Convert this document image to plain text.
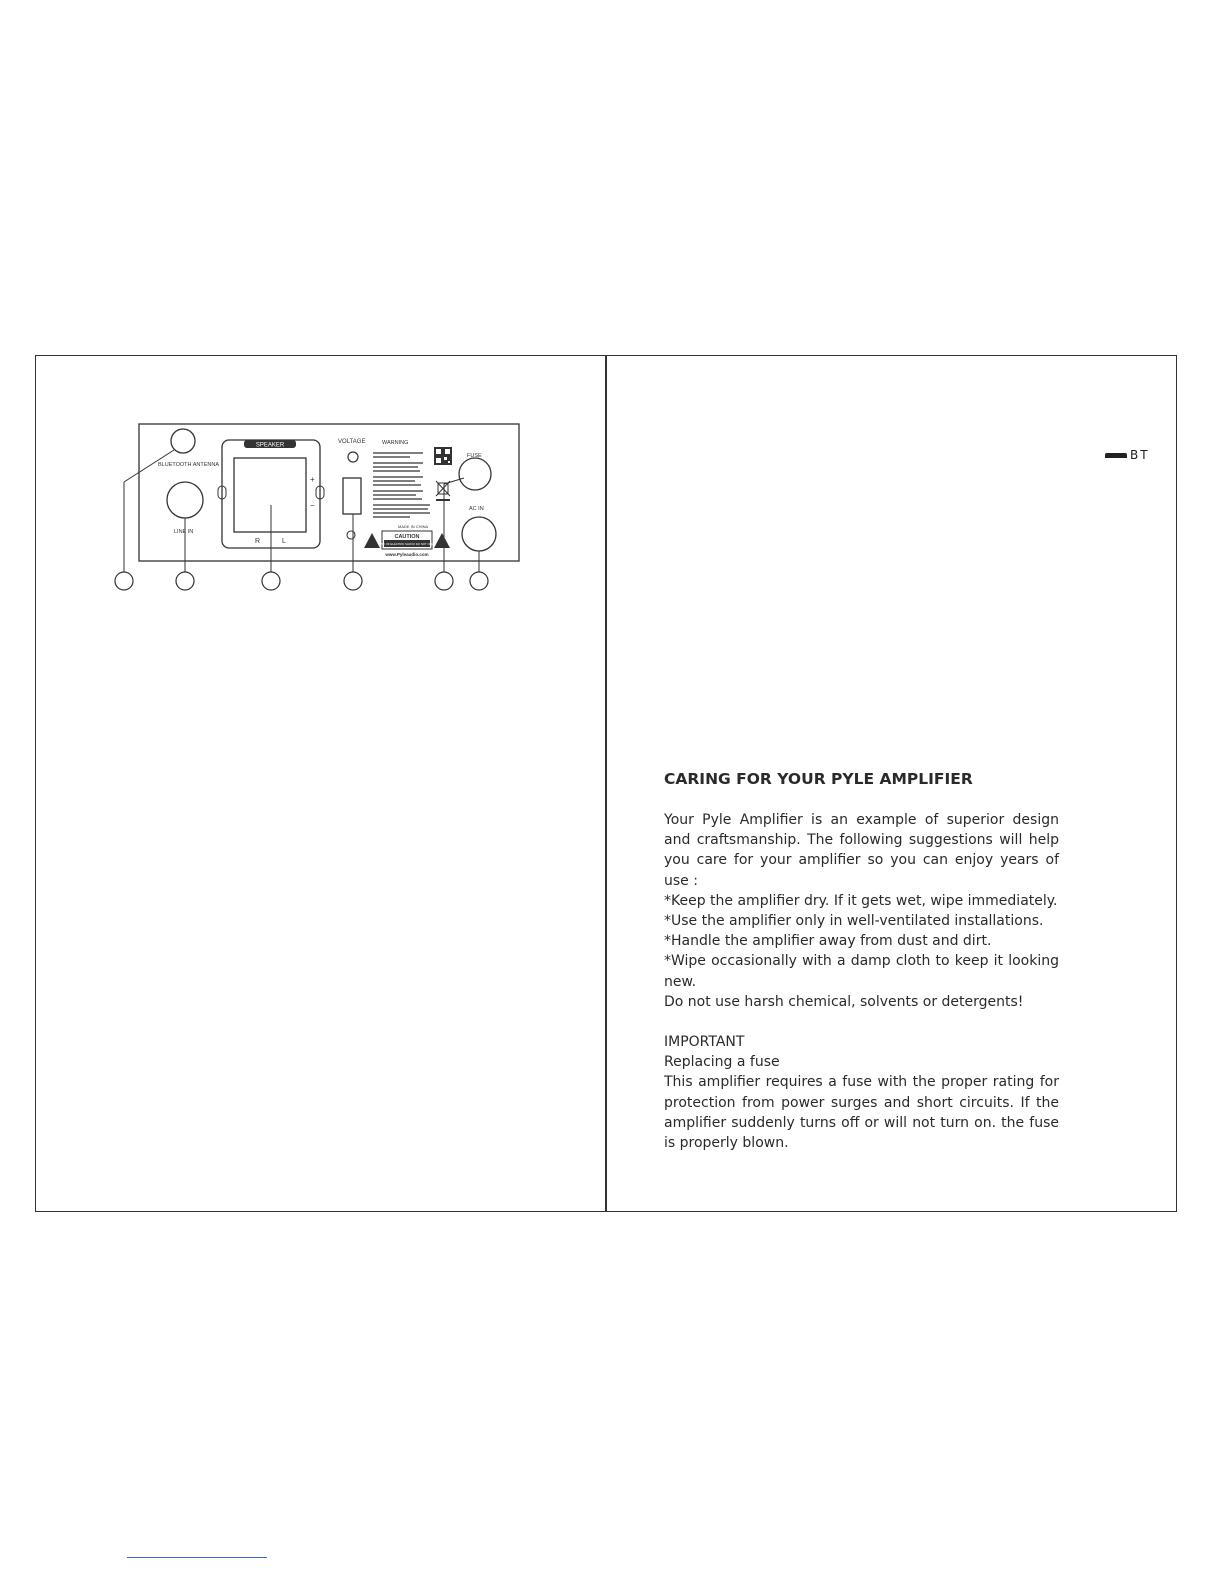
BLUETOOTH ANTENNA
LINE IN
SPEAKER
+
−
R	L
VOLTAGE	WARNING
MADE IN CHINA
CAUTION
RISK OF ELECTRIC SHOCK DO NOT OPEN
www.Pyleaudio.com
FUSE
AC IN
BT
CARING FOR YOUR PYLE AMPLIFIER

Your Pyle Amplifier is an example of superior design and craftsmanship. The following suggestions will help you care for your amplifier so you can enjoy years of use :

*Keep the amplifier dry. If it gets wet, wipe immediately.

*Use the amplifier only in well-ventilated installations.

*Handle the amplifier away from dust and dirt.

*Wipe occasionally with a damp cloth to keep it looking new.

Do not use harsh chemical, solvents or detergents!

IMPORTANT
Replacing a fuse

This amplifier requires a fuse with the proper rating for protection from power surges and short circuits. If the amplifier suddenly turns off or will not turn on. the fuse is properly blown.
